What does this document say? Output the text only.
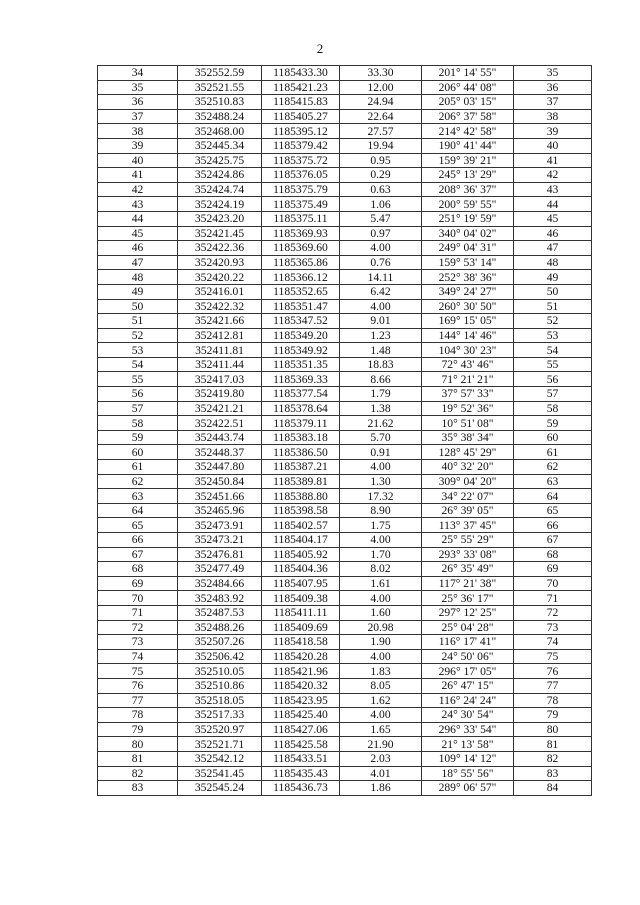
2
34	352552.59	1185433.30	33.30	201° 14' 55"	35
35	352521.55	1185421.23	12.00	206° 44' 08"	36
36	352510.83	1185415.83	24.94	205° 03' 15"	37
37	352488.24	1185405.27	22.64	206° 37' 58"	38
38	352468.00	1185395.12	27.57	214° 42' 58"	39
39	352445.34	1185379.42	19.94	190° 41' 44"	40
40	352425.75	1185375.72	0.95	159° 39' 21"	41
41	352424.86	1185376.05	0.29	245° 13' 29"	42
42	352424.74	1185375.79	0.63	208° 36' 37"	43
43	352424.19	1185375.49	1.06	200° 59' 55"	44
44	352423.20	1185375.11	5.47	251° 19' 59"	45
45	352421.45	1185369.93	0.97	340° 04' 02"	46
46	352422.36	1185369.60	4.00	249° 04' 31"	47
47	352420.93	1185365.86	0.76	159° 53' 14"	48
48	352420.22	1185366.12	14.11	252° 38' 36"	49
49	352416.01	1185352.65	6.42	349° 24' 27"	50
50	352422.32	1185351.47	4.00	260° 30' 50"	51
51	352421.66	1185347.52	9.01	169° 15' 05"	52
52	352412.81	1185349.20	1.23	144° 14' 46"	53
53	352411.81	1185349.92	1.48	104° 30' 23"	54
54	352411.44	1185351.35	18.83	72° 43' 46"	55
55	352417.03	1185369.33	8.66	71° 21' 21"	56
56	352419.80	1185377.54	1.79	37° 57' 33"	57
57	352421.21	1185378.64	1.38	19° 52' 36"	58
58	352422.51	1185379.11	21.62	10° 51' 08"	59
59	352443.74	1185383.18	5.70	35° 38' 34"	60
60	352448.37	1185386.50	0.91	128° 45' 29"	61
61	352447.80	1185387.21	4.00	40° 32' 20"	62
62	352450.84	1185389.81	1.30	309° 04' 20"	63
63	352451.66	1185388.80	17.32	34° 22' 07"	64
64	352465.96	1185398.58	8.90	26° 39' 05"	65
65	352473.91	1185402.57	1.75	113° 37' 45"	66
66	352473.21	1185404.17	4.00	25° 55' 29"	67
67	352476.81	1185405.92	1.70	293° 33' 08"	68
68	352477.49	1185404.36	8.02	26° 35' 49"	69
69	352484.66	1185407.95	1.61	117° 21' 38"	70
70	352483.92	1185409.38	4.00	25° 36' 17"	71
71	352487.53	1185411.11	1.60	297° 12' 25"	72
72	352488.26	1185409.69	20.98	25° 04' 28"	73
73	352507.26	1185418.58	1.90	116° 17' 41"	74
74	352506.42	1185420.28	4.00	24° 50' 06"	75
75	352510.05	1185421.96	1.83	296° 17' 05"	76
76	352510.86	1185420.32	8.05	26° 47' 15"	77
77	352518.05	1185423.95	1.62	116° 24' 24"	78
78	352517.33	1185425.40	4.00	24° 30' 54"	79
79	352520.97	1185427.06	1.65	296° 33' 54"	80
80	352521.71	1185425.58	21.90	21° 13' 58"	81
81	352542.12	1185433.51	2.03	109° 14' 12"	82
82	352541.45	1185435.43	4.01	18° 55' 56"	83
83	352545.24	1185436.73	1.86	289° 06' 57"	84
